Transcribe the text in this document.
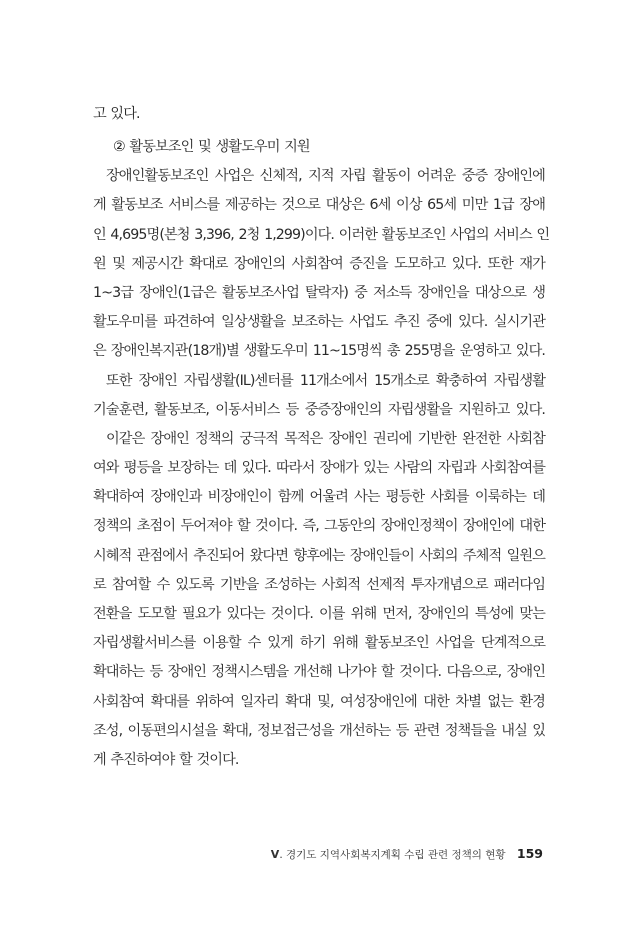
고 있다.
② 활동보조인 및 생활도우미 지원
장애인활동보조인 사업은 신체적, 지적 자립 활동이 어려운 중증 장애인에
게 활동보조 서비스를 제공하는 것으로 대상은 6세 이상 65세 미만 1급 장애
인 4,695명(본청 3,396, 2청 1,299)이다. 이러한 활동보조인 사업의 서비스 인
원 및 제공시간 확대로 장애인의 사회참여 증진을 도모하고 있다. 또한 재가
1~3급 장애인(1급은 활동보조사업 탈락자) 중 저소득 장애인을 대상으로 생
활도우미를 파견하여 일상생활을 보조하는 사업도 추진 중에 있다. 실시기관
은 장애인복지관(18개)별 생활도우미 11~15명씩 총 255명을 운영하고 있다.
또한 장애인 자립생활(IL)센터를 11개소에서 15개소로 확충하여 자립생활
기술훈련, 활동보조, 이동서비스 등 중증장애인의 자립생활을 지원하고 있다.
이같은 장애인 정책의 궁극적 목적은 장애인 권리에 기반한 완전한 사회참
여와 평등을 보장하는 데 있다. 따라서 장애가 있는 사람의 자립과 사회참여를
확대하여 장애인과 비장애인이 함께 어울려 사는 평등한 사회를 이룩하는 데
정책의 초점이 두어져야 할 것이다. 즉, 그동안의 장애인정책이 장애인에 대한
시혜적 관점에서 추진되어 왔다면 향후에는 장애인들이 사회의 주체적 일원으
로 참여할 수 있도록 기반을 조성하는 사회적 선제적 투자개념으로 패러다임
전환을 도모할 필요가 있다는 것이다. 이를 위해 먼저, 장애인의 특성에 맞는
자립생활서비스를 이용할 수 있게 하기 위해 활동보조인 사업을 단계적으로
확대하는 등 장애인 정책시스템을 개선해 나가야 할 것이다. 다음으로, 장애인
사회참여 확대를 위하여 일자리 확대 및, 여성장애인에 대한 차별 없는 환경
조성, 이동편의시설을 확대, 정보접근성을 개선하는 등 관련 정책들을 내실 있
게 추진하여야 할 것이다.
V. 경기도 지역사회복지계획 수립 관련 정책의 현황 159
